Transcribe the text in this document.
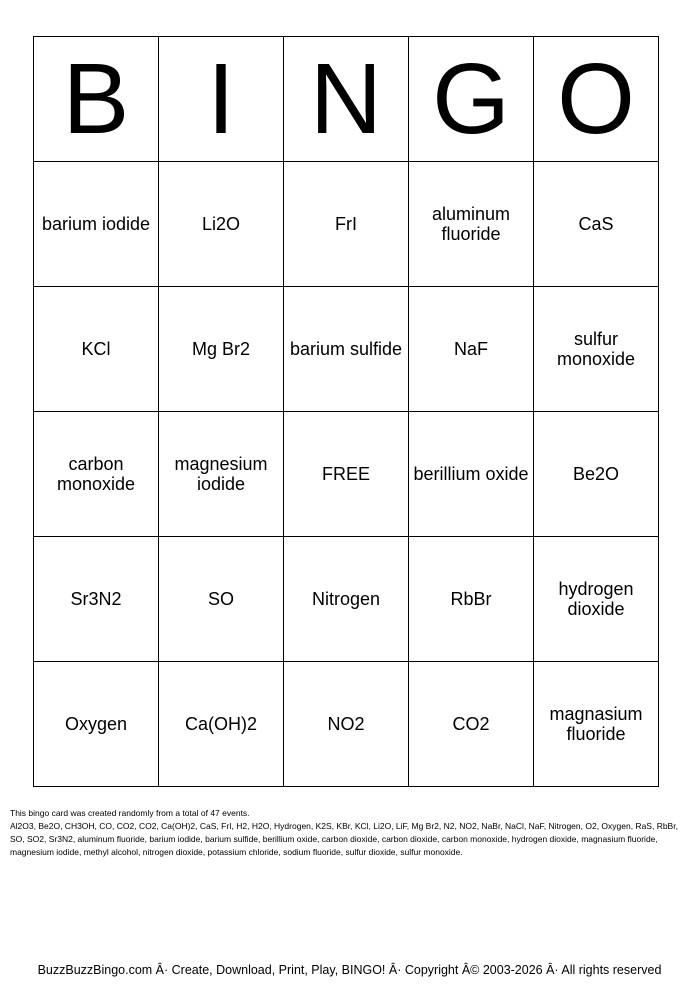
B	I	N	G	O
barium iodide	Li2O	FrI	aluminum fluoride	CaS
KCl	Mg Br2	barium sulfide	NaF	sulfur monoxide
carbon monoxide	magnesium iodide	FREE	berillium oxide	Be2O
Sr3N2	SO	Nitrogen	RbBr	hydrogen dioxide
Oxygen	Ca(OH)2	NO2	CO2	magnasium fluoride
This bingo card was created randomly from a total of 47 events.
Al2O3, Be2O, CH3OH, CO, CO2, CO2, Ca(OH)2, CaS, FrI, H2, H2O, Hydrogen, K2S, KBr, KCl, Li2O, LiF, Mg Br2, N2, NO2, NaBr, NaCl, NaF, Nitrogen, O2, Oxygen, RaS, RbBr, SO, SO2, Sr3N2, aluminum fluoride, barium iodide, barium sulfide, berillium oxide, carbon dioxide, carbon dioxide, carbon monoxide, hydrogen dioxide, magnasium fluoride, magnesium iodide, methyl alcohol, nitrogen dioxide, potassium chloride, sodium fluoride, sulfur dioxide, sulfur monoxide.
BuzzBuzzBingo.com Â· Create, Download, Print, Play, BINGO! Â· Copyright Â© 2003-2026 Â· All rights reserved
